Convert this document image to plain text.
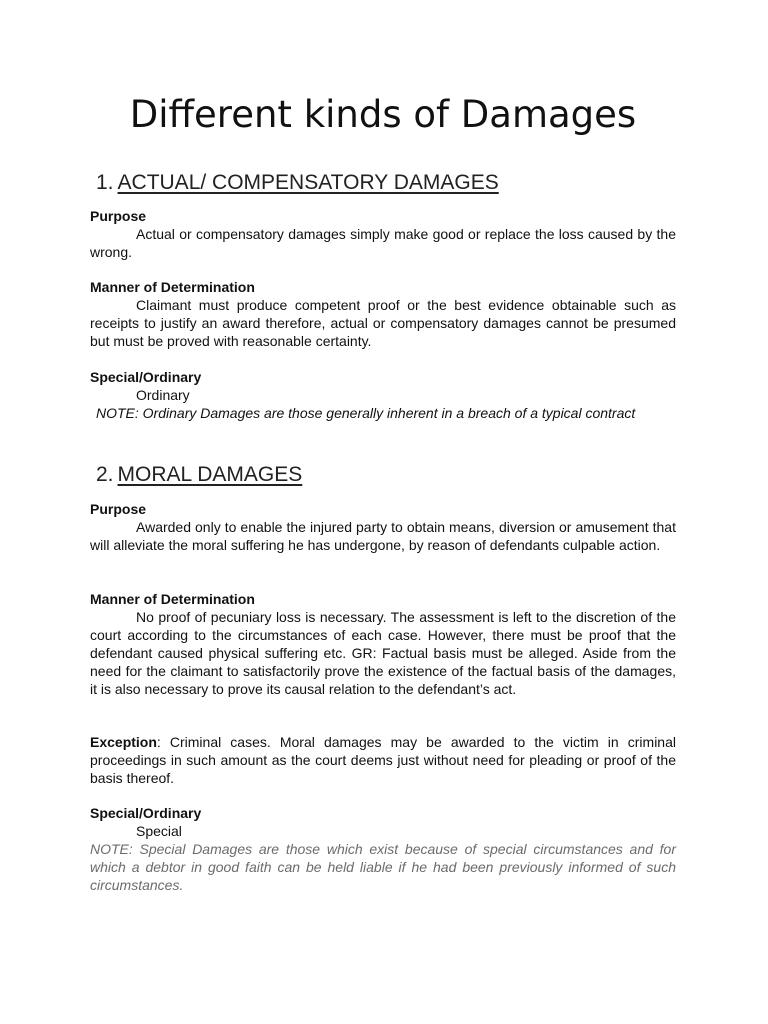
Different kinds of Damages
1. ACTUAL/ COMPENSATORY DAMAGES
Purpose

Actual or compensatory damages simply make good or replace the loss caused by the wrong.

Manner of Determination

Claimant must produce competent proof or the best evidence obtainable such as receipts to justify an award therefore, actual or compensatory damages cannot be presumed but must be proved with reasonable certainty.

Special/Ordinary
Ordinary

NOTE: Ordinary Damages are those generally inherent in a breach of a typical contract

2. MORAL DAMAGES
Purpose

Awarded only to enable the injured party to obtain means, diversion or amusement that will alleviate the moral suffering he has undergone, by reason of defendants culpable action.

Manner of Determination

No proof of pecuniary loss is necessary. The assessment is left to the discretion of the court according to the circumstances of each case. However, there must be proof that the defendant caused physical suffering etc. GR: Factual basis must be alleged. Aside from the need for the claimant to satisfactorily prove the existence of the factual basis of the damages, it is also necessary to prove its causal relation to the defendant’s act.

Exception: Criminal cases. Moral damages may be awarded to the victim in criminal proceedings in such amount as the court deems just without need for pleading or proof of the basis thereof.

Special/Ordinary
Special

NOTE: Special Damages are those which exist because of special circumstances and for which a debtor in good faith can be held liable if he had been previously informed of such circumstances.
